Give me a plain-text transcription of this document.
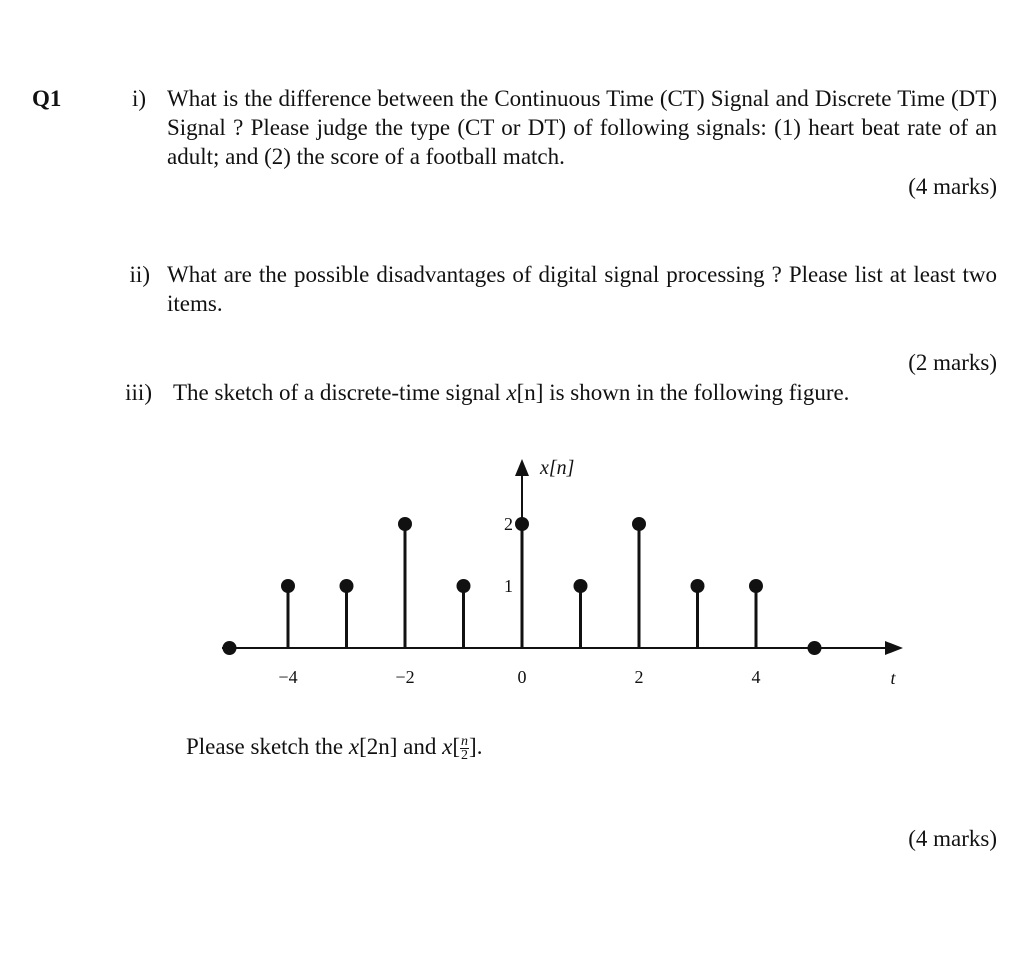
Q1	i) What is the difference between the Continuous Time (CT) Signal and Discrete Time (DT) Signal ? Please judge the type (CT or DT) of following signals: (1) heart beat rate of an adult; and (2) the score of a football match.
(4 marks)
ii) What are the possible disadvantages of digital signal processing ? Please list at least two items.
(2 marks)
iii) The sketch of a discrete-time signal x[n] is shown in the following figure.
x[n]
t
−4	−2	0	2	4
1
2
Please sketch the x[2n] and $x[ \frac{n}{2}$ ].
(4 marks)
